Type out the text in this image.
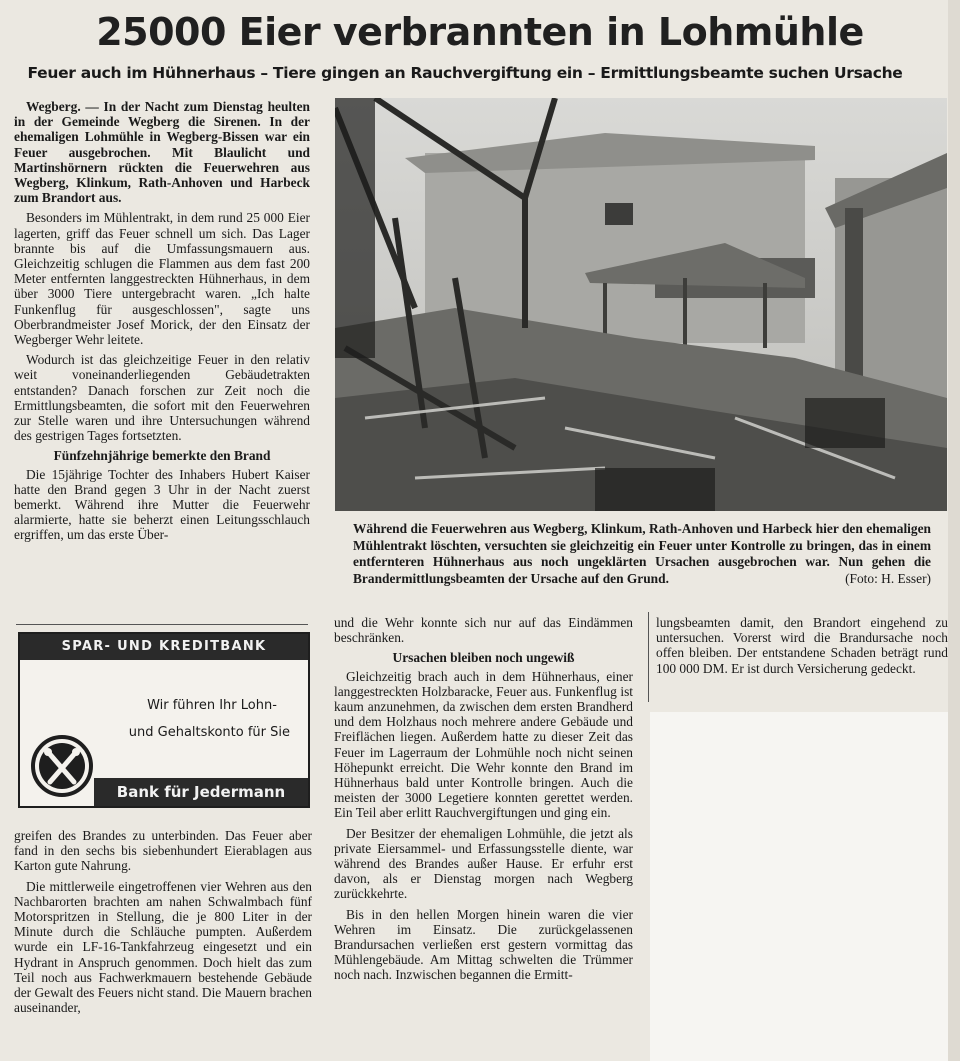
25000 Eier verbrannten in Lohmühle
Feuer auch im Hühnerhaus – Tiere gingen an Rauchvergiftung ein – Ermittlungsbeamte suchen Ursache

Wegberg. — In der Nacht zum Dienstag heulten in der Gemeinde Wegberg die Sirenen. In der ehemaligen Lohmühle in Wegberg-Bissen war ein Feuer ausgebrochen. Mit Blaulicht und Martinshörnern rückten die Feuerwehren aus Wegberg, Klinkum, Rath-Anhoven und Harbeck zum Brandort aus.

Besonders im Mühlentrakt, in dem rund 25 000 Eier lagerten, griff das Feuer schnell um sich. Das Lager brannte bis auf die Umfassungsmauern aus. Gleichzeitig schlugen die Flammen aus dem fast 200 Meter entfernten langgestreckten Hühnerhaus, in dem über 3000 Tiere untergebracht waren. „Ich halte Funkenflug für ausgeschlossen", sagte uns Oberbrandmeister Josef Morick, der den Einsatz der Wegberger Wehr leitete.

Wodurch ist das gleichzeitige Feuer in den relativ weit voneinanderliegenden Gebäudetrakten entstanden? Danach forschen zur Zeit noch die Ermittlungsbeamten, die sofort mit den Feuerwehren zur Stelle waren und ihre Untersuchungen während des gestrigen Tages fortsetzten.

Fünfzehnjährige bemerkte den Brand

Die 15jährige Tochter des Inhabers Hubert Kaiser hatte den Brand gegen 3 Uhr in der Nacht zuerst bemerkt. Während ihre Mutter die Feuerwehr alarmierte, hatte sie beherzt einen Leitungsschlauch ergriffen, um das erste Über-	Während die Feuerwehren aus Wegberg, Klinkum, Rath-Anhoven und Harbeck hier den ehemaligen Mühlentrakt löschten, versuchten sie gleichzeitig ein Feuer unter Kontrolle zu bringen, das in einem entfernteren Hühnerhaus aus noch ungeklärten Ursachen ausgebrochen war. Nun gehen die Brandermittlungsbeamten der Ursache auf den Grund.	(Foto: H. Esser)
SPAR- UND KREDITBANK
Wir führen Ihr Lohn-
und Gehaltskonto für Sie
Bank für Jedermann

greifen des Brandes zu unterbinden. Das Feuer aber fand in den sechs bis siebenhundert Eierablagen aus Karton gute Nahrung.

Die mittlerweile eingetroffenen vier Wehren aus den Nachbarorten brachten am nahen Schwalmbach fünf Motorspritzen in Stellung, die je 800 Liter in der Minute durch die Schläuche pumpten. Außerdem wurde ein LF-16-Tankfahrzeug eingesetzt und ein Hydrant in Anspruch genommen. Doch hielt das zum Teil noch aus Fachwerkmauern bestehende Gebäude der Gewalt des Feuers nicht stand. Die Mauern brachen auseinander,

und die Wehr konnte sich nur auf das Eindämmen beschränken.

Ursachen bleiben noch ungewiß

Gleichzeitig brach auch in dem Hühnerhaus, einer langgestreckten Holzbaracke, Feuer aus. Funkenflug ist kaum anzunehmen, da zwischen dem ersten Brandherd und dem Holzhaus noch mehrere andere Gebäude und Freiflächen liegen. Außerdem hatte zu dieser Zeit das Feuer im Lagerraum der Lohmühle noch nicht seinen Höhepunkt erreicht. Die Wehr konnte den Brand im Hühnerhaus bald unter Kontrolle bringen. Auch die meisten der 3000 Legetiere konnten gerettet werden. Ein Teil aber erlitt Rauchvergiftungen und ging ein.

Der Besitzer der ehemaligen Lohmühle, die jetzt als private Eiersammel- und Erfassungsstelle diente, war während des Brandes außer Hause. Er erfuhr erst davon, als er Dienstag morgen nach Wegberg zurückkehrte.

Bis in den hellen Morgen hinein waren die vier Wehren im Einsatz. Die zurückgelassenen Brandursachen verließen erst gestern vormittag das Mühlengebäude. Am Mittag schwelten die Trümmer noch nach. Inzwischen begannen die Ermitt-

lungsbeamten damit, den Brandort eingehend zu untersuchen. Vorerst wird die Brandursache noch offen bleiben. Der entstandene Schaden beträgt rund 100 000 DM. Er ist durch Versicherung gedeckt.
